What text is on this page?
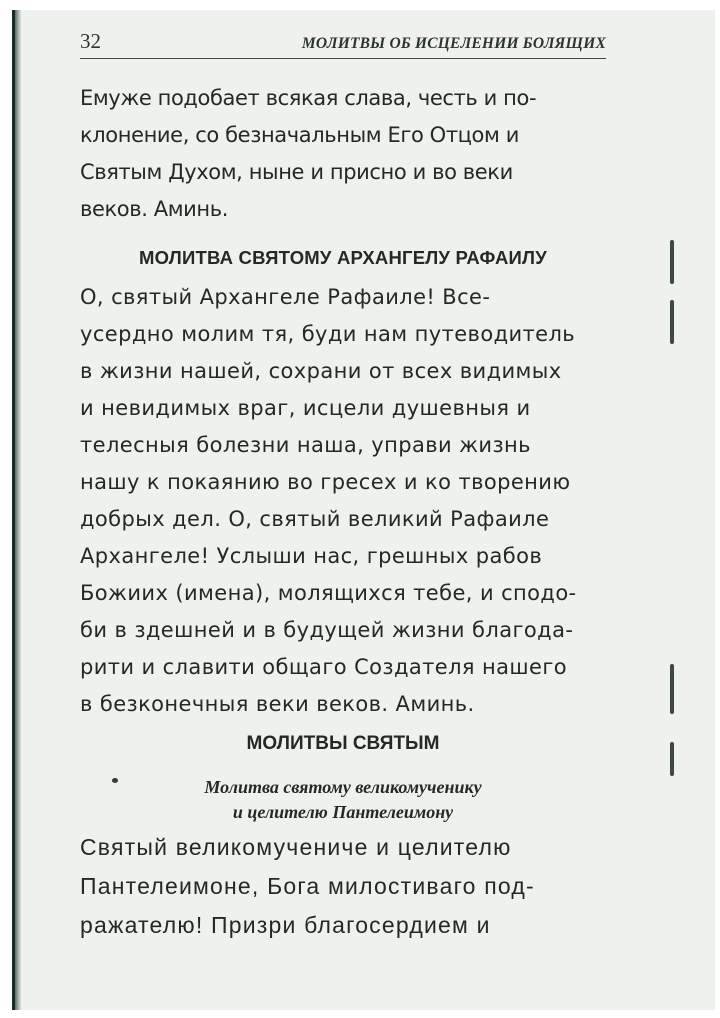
32	МОЛИТВЫ ОБ ИСЦЕЛЕНИИ БОЛЯЩИХ
Емуже подобает всякая слава, честь и по-
клонение, со безначальным Его Отцом и
Святым Духом, ныне и присно и во веки
веков. Аминь.
МОЛИТВА СВЯТОМУ АРХАНГЕЛУ РАФАИЛУ
О, святый Архангеле Рафаиле! Все-
усердно молим тя, буди нам путеводитель
в жизни нашей, сохрани от всех видимых
и невидимых враг, исцели душевныя и
телесныя болезни наша, управи жизнь
нашу к покаянию во гресех и ко творению
добрых дел. О, святый великий Рафаиле
Архангеле! Услыши нас, грешных рабов
Божиих (имена), молящихся тебе, и сподо-
би в здешней и в будущей жизни благода-
рити и славити общаго Создателя нашего
в безконечныя веки веков. Аминь.
МОЛИТВЫ СВЯТЫМ
Молитва святому великомученику
и целителю Пантелеимону
Святый великомучениче и целителю
Пантелеимоне, Бога милостиваго под-
ражателю! Призри благосердием и
